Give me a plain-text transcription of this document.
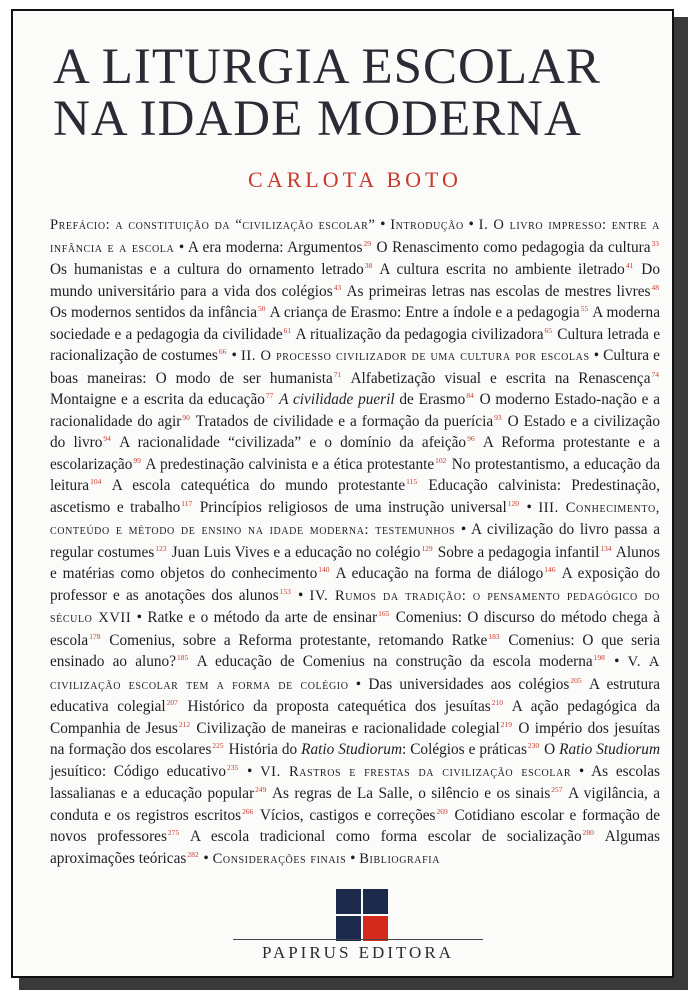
A LITURGIA ESCOLAR
NA IDADE MODERNA
CARLOTA BOTO
Prefácio: a constituição da “civilização escolar” • Introdução • I. O livro impresso: entre a infância e a escola • A era moderna: Argumentos$^{29}$ O Renascimento como pedagogia da cultura$^{33}$ Os humanistas e a cultura do ornamento letrado$^{38}$ A cultura escrita no ambiente iletrado$^{41}$ Do mundo universitário para a vida dos colégios$^{43}$ As primeiras letras nas escolas de mestres livres$^{48}$ Os modernos sentidos da infância$^{50}$ A criança de Erasmo: Entre a índole e a pedagogia$^{55}$ A moderna sociedade e a pedagogia da civilidade$^{61}$ A ritualização da pedagogia civilizadora$^{65}$ Cultura letrada e racionalização de costumes$^{66}$ • II. O processo civilizador de uma cultura por escolas • Cultura e boas maneiras: O modo de ser humanista$^{71}$ Alfabetização visual e escrita na Renascença$^{74}$ Montaigne e a escrita da educação$^{77}$ A civilidade pueril de Erasmo$^{84}$ O moderno Estado-nação e a racionalidade do agir$^{90}$ Tratados de civilidade e a formação da puerícia$^{93}$ O Estado e a civilização do livro$^{94}$ A racionalidade “civilizada” e o domínio da afeição$^{96}$ A Reforma protestante e a escolarização$^{99}$ A predestinação calvinista e a ética protestante$^{102}$ No protestantismo, a educação da leitura$^{104}$ A escola catequética do mundo protestante$^{115}$ Educação calvinista: Predestinação, ascetismo e trabalho$^{117}$ Princípios religiosos de uma instrução universal$^{120}$ • III. Conhecimento, conteúdo e método de ensino na idade moderna: testemunhos • A civilização do livro passa a regular costumes$^{123}$ Juan Luis Vives e a educação no colégio$^{129}$ Sobre a pedagogia infantil$^{134}$ Alunos e matérias como objetos do conhecimento$^{140}$ A educação na forma de diálogo$^{146}$ A exposição do professor e as anotações dos alunos$^{153}$ • IV. Rumos da tradição: o pensamento pedagógico do século XVII • Ratke e o método da arte de ensinar$^{165}$ Comenius: O discurso do método chega à escola$^{178}$ Comenius, sobre a Reforma protestante, retomando Ratke$^{183}$ Comenius: O que seria ensinado ao aluno?$^{185}$ A educação de Comenius na construção da escola moderna$^{198}$ • V. A civilização escolar tem a forma de colégio • Das universidades aos colégios$^{205}$ A estrutura educativa colegial$^{207}$ Histórico da proposta catequética dos jesuítas$^{210}$ A ação pedagógica da Companhia de Jesus$^{212}$ Civilização de maneiras e racionalidade colegial$^{219}$ O império dos jesuítas na formação dos escolares$^{225}$ História do Ratio Studiorum: Colégios e práticas$^{230}$ O Ratio Studiorum jesuítico: Código educativo$^{235}$ • VI. Rastros e frestas da civilização escolar • As escolas lassalianas e a educação popular$^{249}$ As regras de La Salle, o silêncio e os sinais$^{257}$ A vigilância, a conduta e os registros escritos$^{266}$ Vícios, castigos e correções$^{269}$ Cotidiano escolar e formação de novos professores$^{275}$ A escola tradicional como forma escolar de socialização$^{280}$ Algumas aproximações teóricas$^{282}$ • Considerações finais • Bibliografia
PAPIRUS EDITORA
